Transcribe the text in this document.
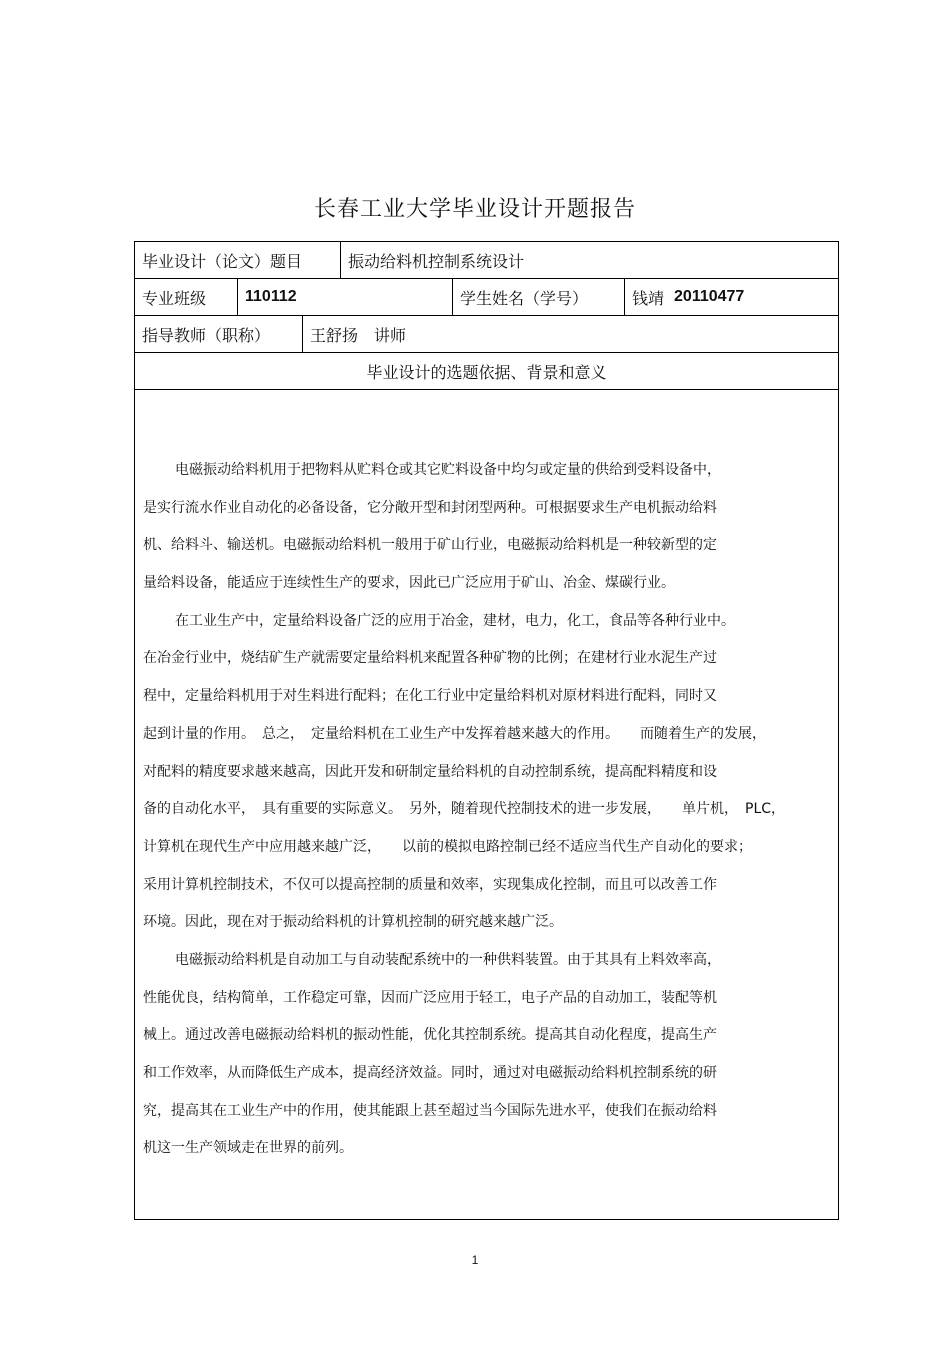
长春工业大学毕业设计开题报告
毕业设计（论文）题目	振动给料机控制系统设计
专业班级	110112	学生姓名（学号）	钱靖 20110477
指导教师（职称）	王舒扬　讲师
毕业设计的选题依据、背景和意义
电磁振动给料机用于把物料从贮料仓或其它贮料设备中均匀或定量的供给到受料设备中，
是实行流水作业自动化的必备设备，它分敞开型和封闭型两种。可根据要求生产电机振动给料
机、给料斗、输送机。电磁振动给料机一般用于矿山行业，电磁振动给料机是一种较新型的定
量给料设备，能适应于连续性生产的要求，因此已广泛应用于矿山、冶金、煤碳行业。
在工业生产中，定量给料设备广泛的应用于冶金，建材，电力，化工，食品等各种行业中。
在冶金行业中，烧结矿生产就需要定量给料机来配置各种矿物的比例；在建材行业水泥生产过
程中，定量给料机用于对生料进行配料；在化工行业中定量给料机对原材料进行配料，同时又
起到计量的作用。　总之，　定量给料机在工业生产中发挥着越来越大的作用。　　而随着生产的发展，
对配料的精度要求越来越高，因此开发和研制定量给料机的自动控制系统，提高配料精度和设
备的自动化水平，　具有重要的实际意义。　另外，随着现代控制技术的进一步发展，　　单片机，　PLC，
计算机在现代生产中应用越来越广泛，　　以前的模拟电路控制已经不适应当代生产自动化的要求；
采用计算机控制技术，不仅可以提高控制的质量和效率，实现集成化控制，而且可以改善工作
环境。因此，现在对于振动给料机的计算机控制的研究越来越广泛。
电磁振动给料机是自动加工与自动装配系统中的一种供料装置。由于其具有上料效率高，
性能优良，结构简单，工作稳定可靠，因而广泛应用于轻工，电子产品的自动加工，装配等机
械上。通过改善电磁振动给料机的振动性能，优化其控制系统。提高其自动化程度，提高生产
和工作效率，从而降低生产成本，提高经济效益。同时，通过对电磁振动给料机控制系统的研
究，提高其在工业生产中的作用，使其能跟上甚至超过当今国际先进水平，使我们在振动给料
机这一生产领域走在世界的前列。
1
